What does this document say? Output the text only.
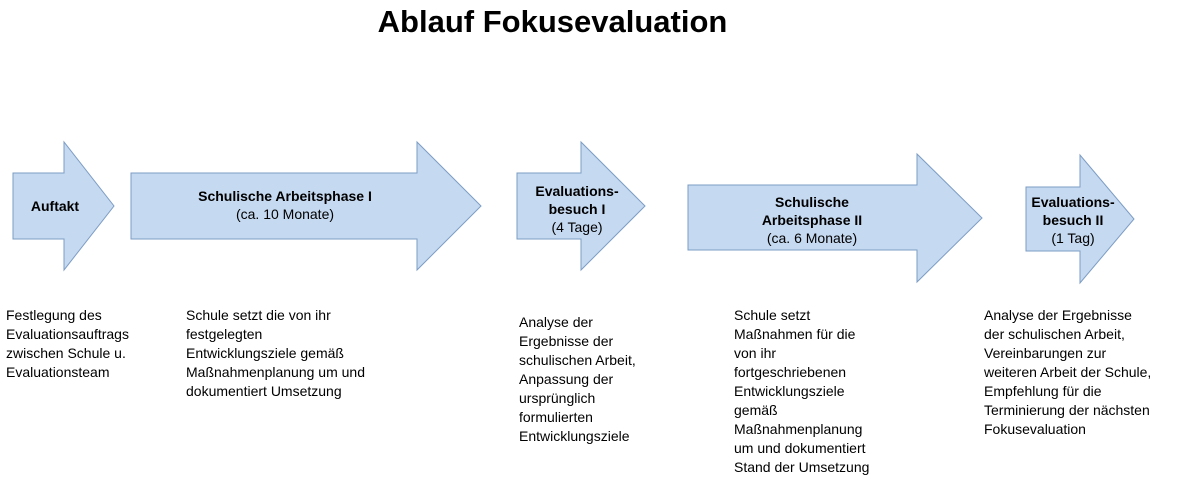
Ablauf Fokusevaluation
Auftakt
Schulische Arbeitsphase I
(ca. 10 Monate)
Evaluations-
besuch I
(4 Tage)
Schulische
Arbeitsphase II
(ca. 6 Monate)
Evaluations-
besuch II
(1 Tag)
Festlegung des
Evaluationsauftrags
zwischen Schule u.
Evaluationsteam
Schule setzt die von ihr
festgelegten
Entwicklungsziele gemäß
Maßnahmenplanung um und
dokumentiert Umsetzung
Analyse der
Ergebnisse der
schulischen Arbeit,
Anpassung der
ursprünglich
formulierten
Entwicklungsziele
Schule setzt
Maßnahmen für die
von ihr
fortgeschriebenen
Entwicklungsziele
gemäß
Maßnahmenplanung
um und dokumentiert
Stand der Umsetzung
Analyse der Ergebnisse
der schulischen Arbeit,
Vereinbarungen zur
weiteren Arbeit der Schule,
Empfehlung für die
Terminierung der nächsten
Fokusevaluation
